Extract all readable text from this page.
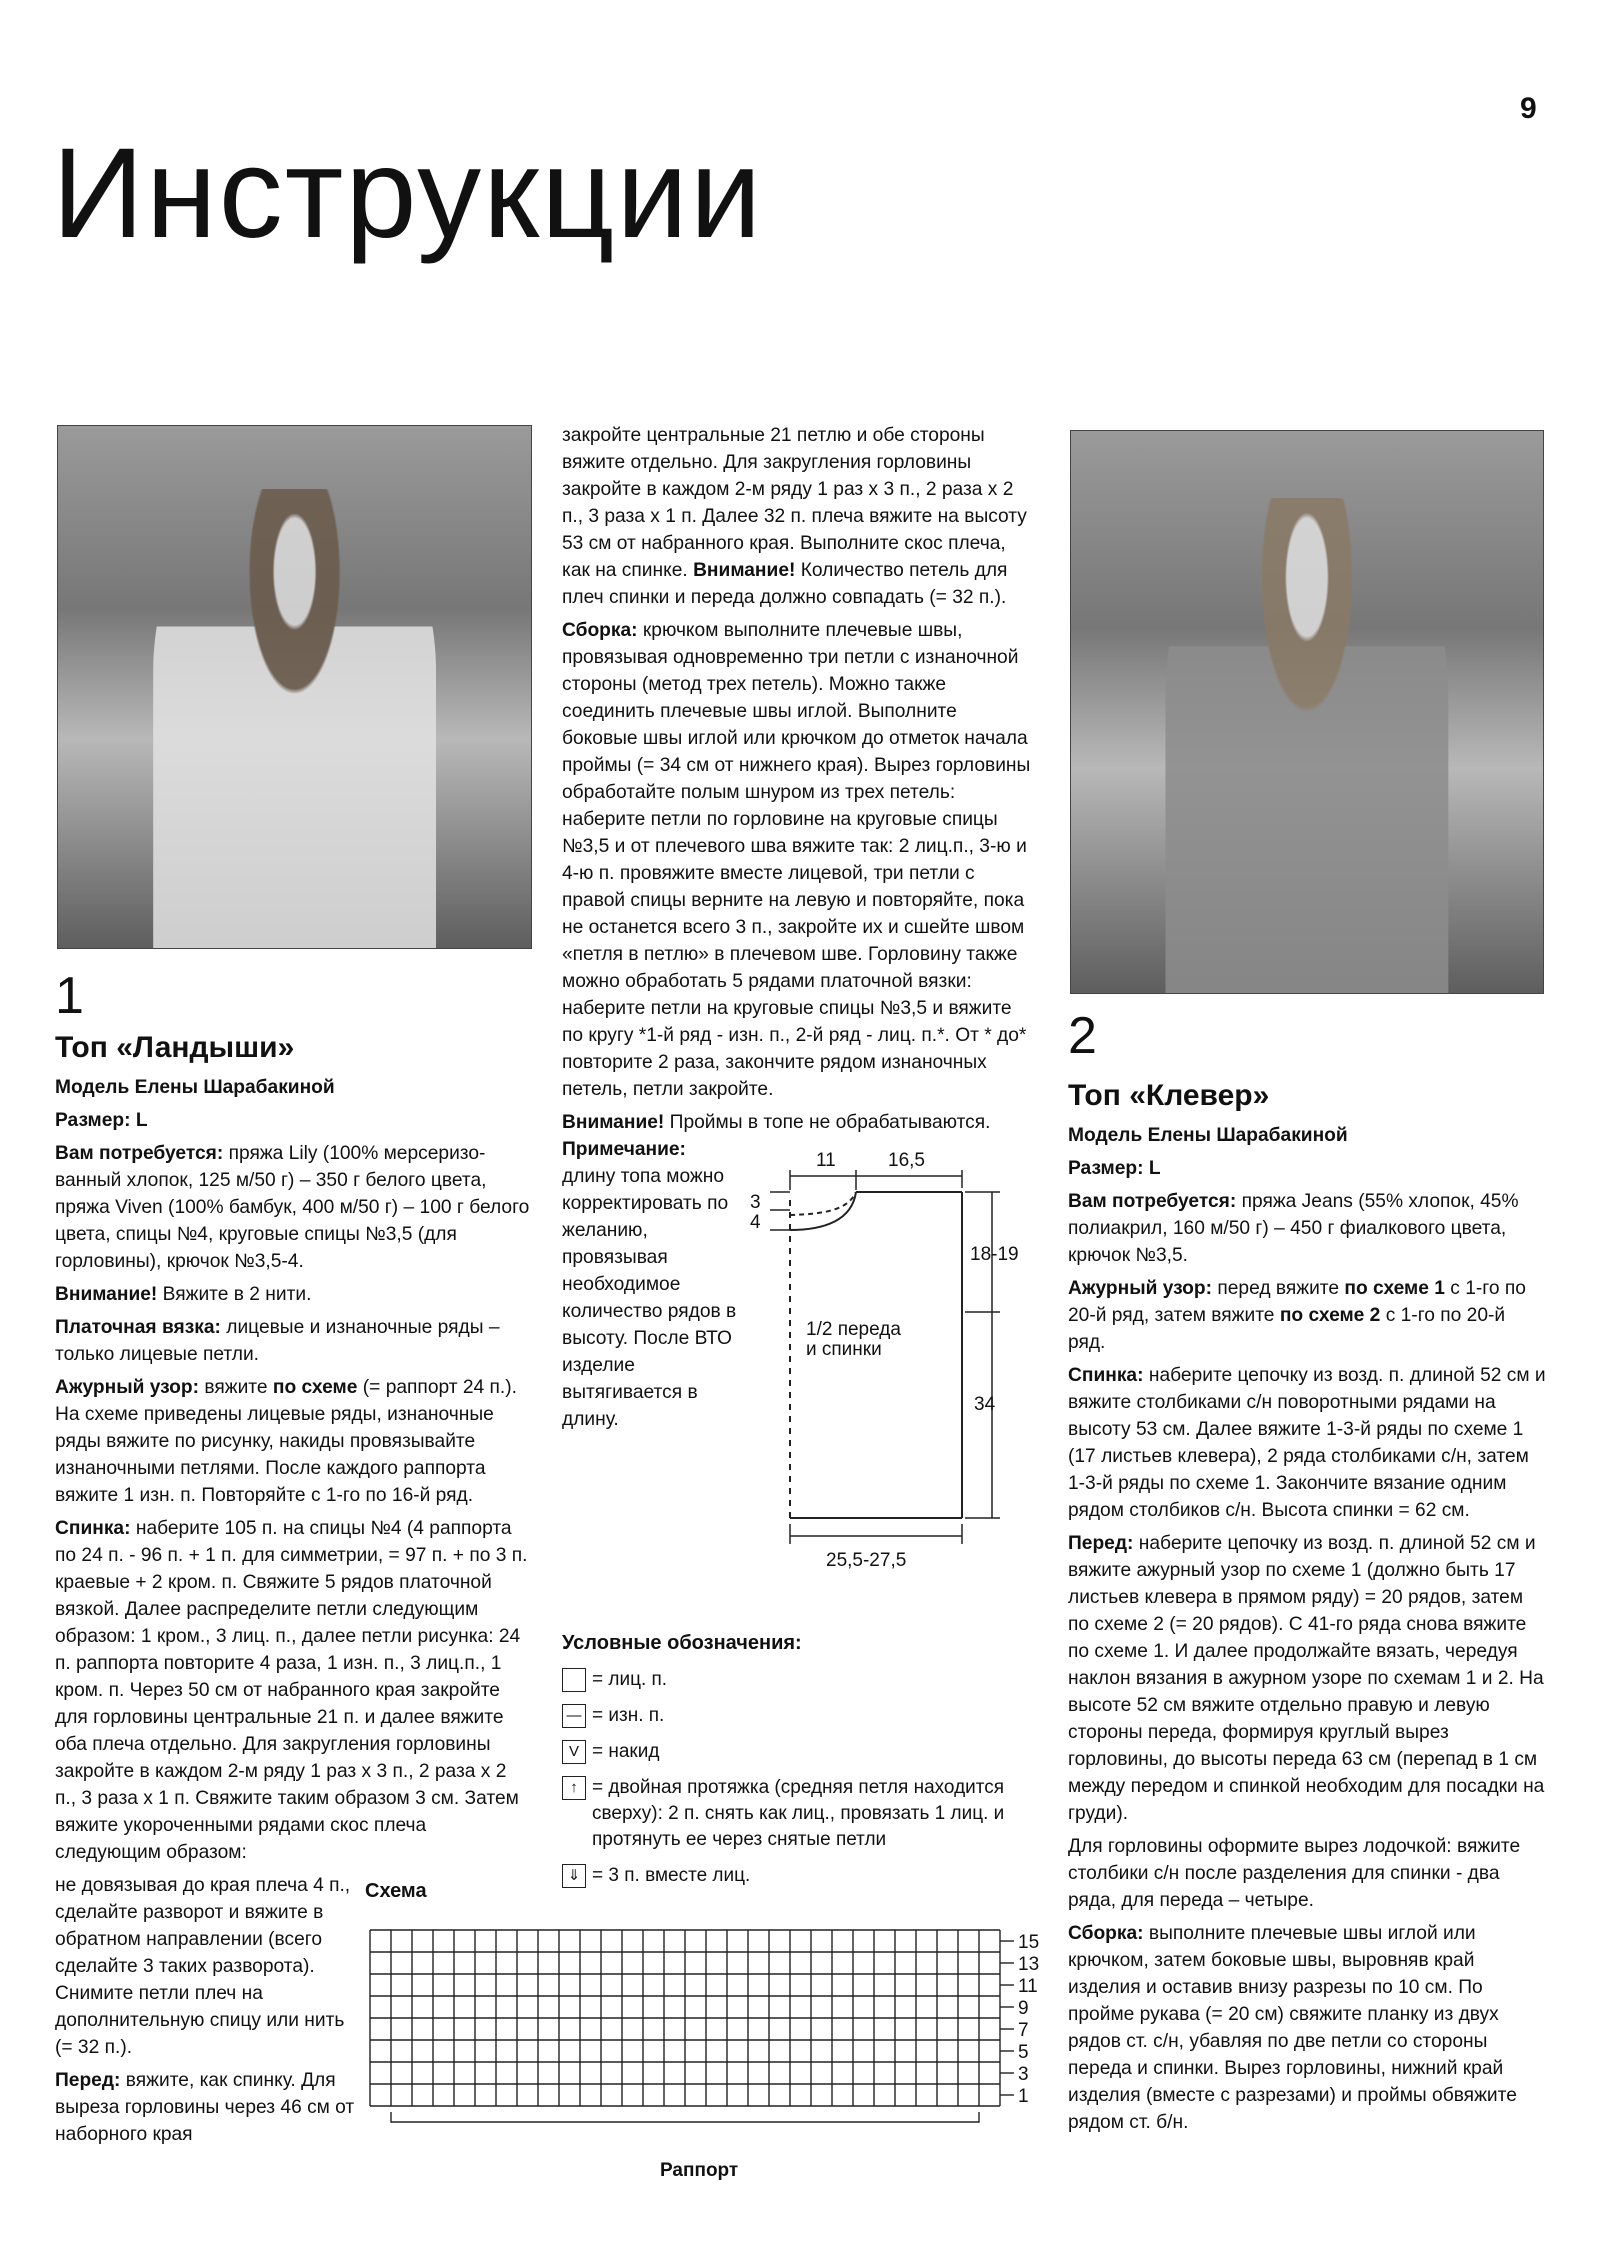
9
Инструкции
1
Топ «Ландыши»

Модель Елены Шарабакиной

Размер: L

Вам потребуется: пряжа Lily (100% мерсеризованный хлопок, 125 м/50 г) – 350 г белого цвета, пряжа Viven (100% бамбук, 400 м/50 г) – 100 г белого цвета, спицы №4, круговые спицы №3,5 (для горловины), крючок №3,5-4.

Внимание! Вяжите в 2 нити.

Платочная вязка: лицевые и изнаночные ряды – только лицевые петли.

Ажурный узор: вяжите по схеме (= раппорт 24 п.). На схеме приведены лицевые ряды, изнаночные ряды вяжите по рисунку, накиды провязывайте изнаночными петлями. После каждого раппорта вяжите 1 изн. п. Повторяйте с 1-го по 16-й ряд.

Спинка: наберите 105 п. на спицы №4 (4 раппорта по 24 п. - 96 п. + 1 п. для симметрии, = 97 п. + по 3 п. краевые + 2 кром. п. Свяжите 5 рядов платочной вязкой. Далее распределите петли следующим образом: 1 кром., 3 лиц. п., далее петли рисунка: 24 п. раппорта повторите 4 раза, 1 изн. п., 3 лиц.п., 1 кром. п. Через 50 см от набранного края закройте для горловины центральные 21 п. и далее вяжите оба плеча отдельно. Для закругления горловины закройте в каждом 2-м ряду 1 раз х 3 п., 2 раза х 2 п., 3 раза х 1 п. Свяжите таким образом 3 см. Затем вяжите укороченными рядами скос плеча следующим образом:

не довязывая до края плеча 4 п., сделайте разворот и вяжите в обратном направлении (всего сделайте 3 таких разворота). Снимите петли плеч на дополнительную спицу или нить (= 32 п.).

Перед: вяжите, как спинку. Для выреза горловины через 46 см от наборного края

закройте центральные 21 петлю и обе стороны вяжите отдельно. Для закругления горловины закройте в каждом 2-м ряду 1 раз х 3 п., 2 раза х 2 п., 3 раза х 1 п. Далее 32 п. плеча вяжите на высоту 53 см от набранного края. Выполните скос плеча, как на спинке. Внимание! Количество петель для плеч спинки и переда должно совпадать (= 32 п.).

Сборка: крючком выполните плечевые швы, провязывая одновременно три петли с изнаночной стороны (метод трех петель). Можно также соединить плечевые швы иглой. Выполните боковые швы иглой или крючком до отметок начала проймы (= 34 см от нижнего края). Вырез горловины обработайте полым шнуром из трех петель: наберите петли по горловине на круговые спицы №3,5 и от плечевого шва вяжите так: 2 лиц.п., 3-ю и 4-ю п. провяжите вместе лицевой, три петли с правой спицы верните на левую и повторяйте, пока не останется всего 3 п., закройте их и сшейте швом «петля в петлю» в плечевом шве. Горловину также можно обработать 5 рядами платочной вязки: наберите петли на круговые спицы №3,5 и вяжите по кругу *1-й ряд - изн. п., 2-й ряд - лиц. п.*. От * до* повторите 2 раза, закончите рядом изнаночных петель, петли закройте.

Внимание! Проймы в топе не обрабатываются.

Примечание: длину топа можно корректировать по желанию, провязывая необходимое количество рядов в высоту. После ВТО изделие вытягивается в длину.
11	16,5
3
4
18-19
34
25,5-27,5
1/2 переда и спинки
Условные обозначения:
= лиц. п.
— = изн. п.
V = накид
↑ = двойная протяжка (средняя петля находится сверху): 2 п. снять как лиц., провязать 1 лиц. и протянуть ее через снятые петли
⇓ = 3 п. вместе лиц.
Схема
15
13
11
9
7
5
3
1
Раппорт
2
Топ «Клевер»

Модель Елены Шарабакиной

Размер: L

Вам потребуется: пряжа Jeans (55% хлопок, 45% полиакрил, 160 м/50 г) – 450 г фиалкового цвета, крючок №3,5.

Ажурный узор: перед вяжите по схеме 1 с 1-го по 20-й ряд, затем вяжите по схеме 2 с 1-го по 20-й ряд.

Спинка: наберите цепочку из возд. п. длиной 52 см и вяжите столбиками с/н поворотными рядами на высоту 53 см. Далее вяжите 1-3-й ряды по схеме 1 (17 листьев клевера), 2 ряда столбиками с/н, затем 1-3-й ряды по схеме 1. Закончите вязание одним рядом столбиков с/н. Высота спинки = 62 см.

Перед: наберите цепочку из возд. п. длиной 52 см и вяжите ажурный узор по схеме 1 (должно быть 17 листьев клевера в прямом ряду) = 20 рядов, затем по схеме 2 (= 20 рядов). С 41-го ряда снова вяжите по схеме 1. И далее продолжайте вязать, чередуя наклон вязания в ажурном узоре по схемам 1 и 2. На высоте 52 см вяжите отдельно правую и левую стороны переда, формируя круглый вырез горловины, до высоты переда 63 см (перепад в 1 см между передом и спинкой необходим для посадки на груди).

Для горловины оформите вырез лодочкой: вяжите столбики с/н после разделения для спинки - два ряда, для переда – четыре.

Сборка: выполните плечевые швы иглой или крючком, затем боковые швы, выровняв край изделия и оставив внизу разрезы по 10 см. По пройме рукава (= 20 см) свяжите планку из двух рядов ст. с/н, убавляя по две петли со стороны переда и спинки. Вырез горловины, нижний край изделия (вместе с разрезами) и проймы обвяжите рядом ст. б/н.
